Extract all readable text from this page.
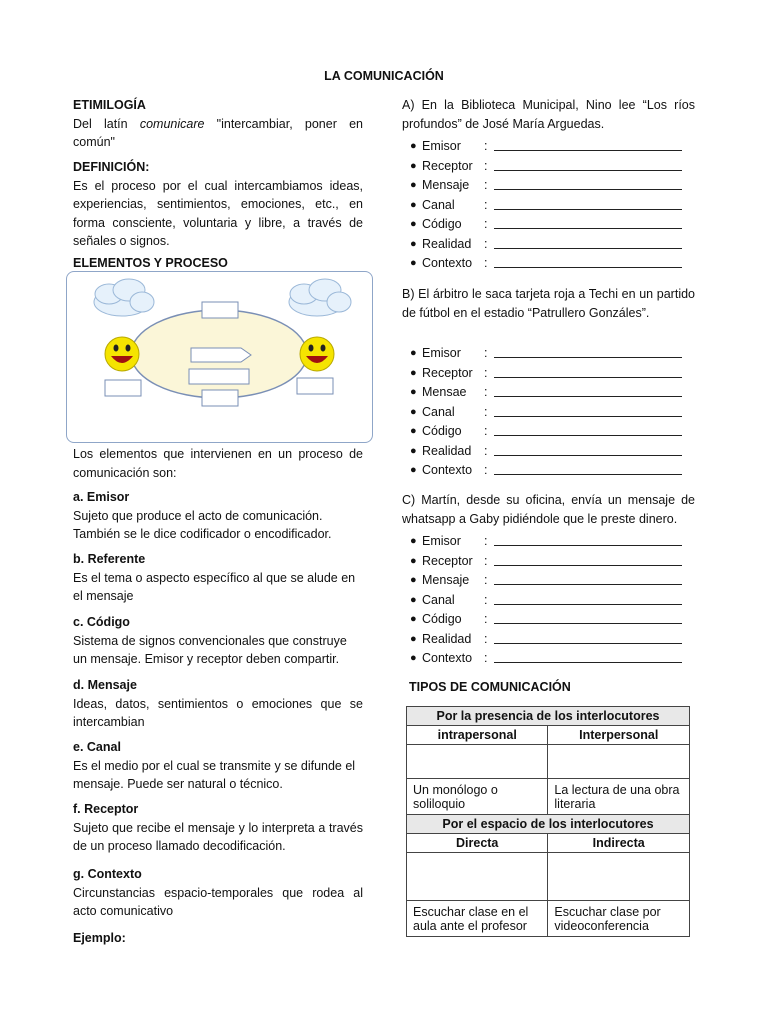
LA COMUNICACIÓN

ETIMILOGÍA

Del latín comunicare "intercambiar, poner en común"

DEFINICIÓN:

Es el proceso por el cual intercambiamos ideas, experiencias, sentimientos, emociones, etc., en forma consciente, voluntaria y libre, a través de señales o signos.

ELEMENTOS Y PROCESO

Los elementos que intervienen en un proceso de comunicación son:

a. Emisor

Sujeto que produce el acto de comunicación. También se le dice codificador o encodificador.

b. Referente

Es el tema o aspecto específico al que se alude en el mensaje

c. Código

Sistema de signos convencionales que construye un mensaje. Emisor y receptor deben compartir.

d. Mensaje

Ideas, datos, sentimientos o emociones que se intercambian

e. Canal

Es el medio por el cual se transmite y se difunde el mensaje. Puede ser natural o técnico.

f. Receptor

Sujeto que recibe el mensaje y lo interpreta a través de un proceso llamado decodificación.

g. Contexto

Circunstancias espacio-temporales que rodea al acto comunicativo

Ejemplo:

A) En la Biblioteca Municipal, Nino lee “Los ríos profundos” de José María Arguedas.

● Emisor :
● Receptor :
● Mensaje :
● Canal :
● Código :
● Realidad :
● Contexto :

B) El árbitro le saca tarjeta roja a Techi en un partido de fútbol en el estadio “Patrullero Gonzáles”.

● Emisor :
● Receptor :
● Mensae :
● Canal :
● Código :
● Realidad :
● Contexto :

C) Martín, desde su oficina, envía un mensaje de whatsapp a Gaby pidiéndole que le preste dinero.

● Emisor :
● Receptor :
● Mensaje :
● Canal :
● Código :
● Realidad :
● Contexto :
TIPOS DE COMUNICACIÓN
Por la presencia de los interlocutores	
intrapersonal	Interpersonal

Un monólogo o soliloquio	La lectura de una obra literaria
Por el espacio de los interlocutores	
Directa	Indirecta

Escuchar clase en el aula ante el profesor	Escuchar clase por videoconferencia
